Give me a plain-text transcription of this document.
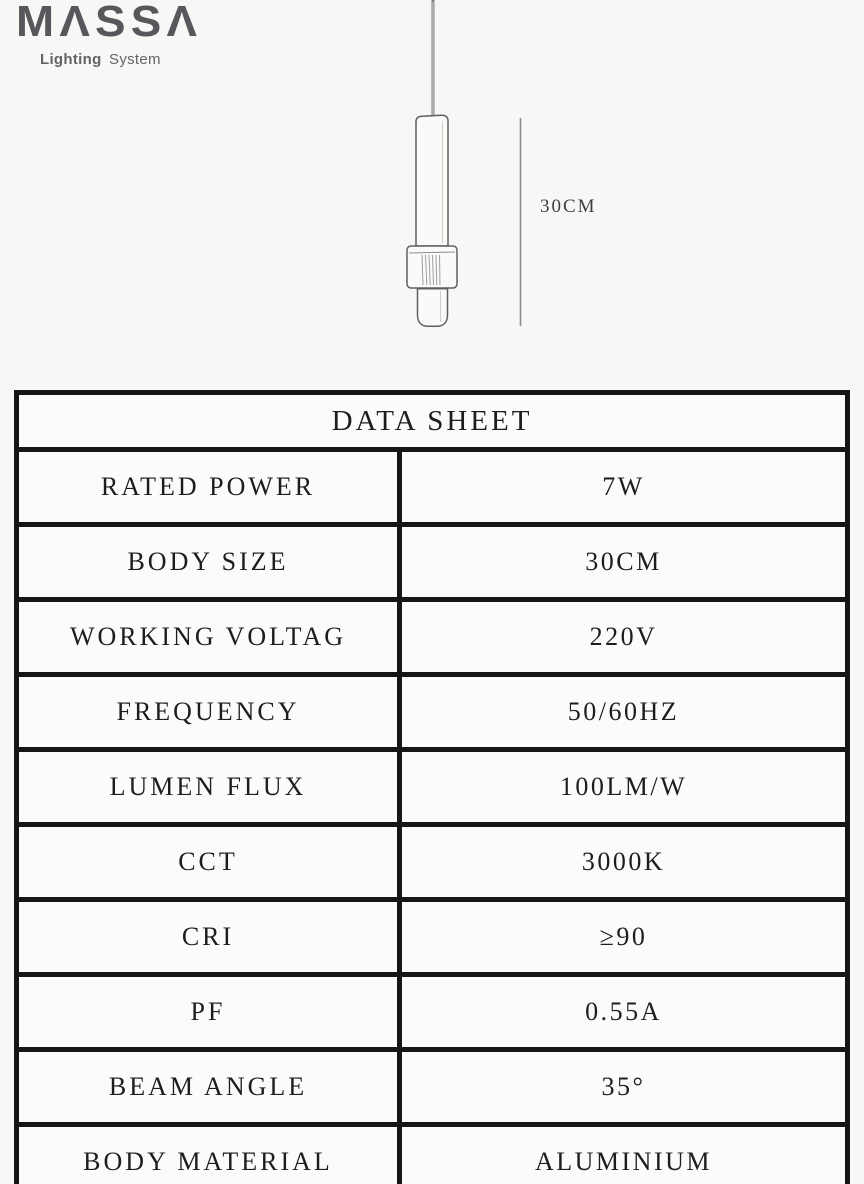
MΛSSΛ
Lighting System
30CM
DATA SHEET	
RATED POWER	7W
BODY SIZE	30CM
WORKING VOLTAG	220V
FREQUENCY	50/60HZ
LUMEN FLUX	100LM/W
CCT	3000K
CRI	≥90
PF	0.55A
BEAM ANGLE	35°
BODY MATERIAL	ALUMINIUM
